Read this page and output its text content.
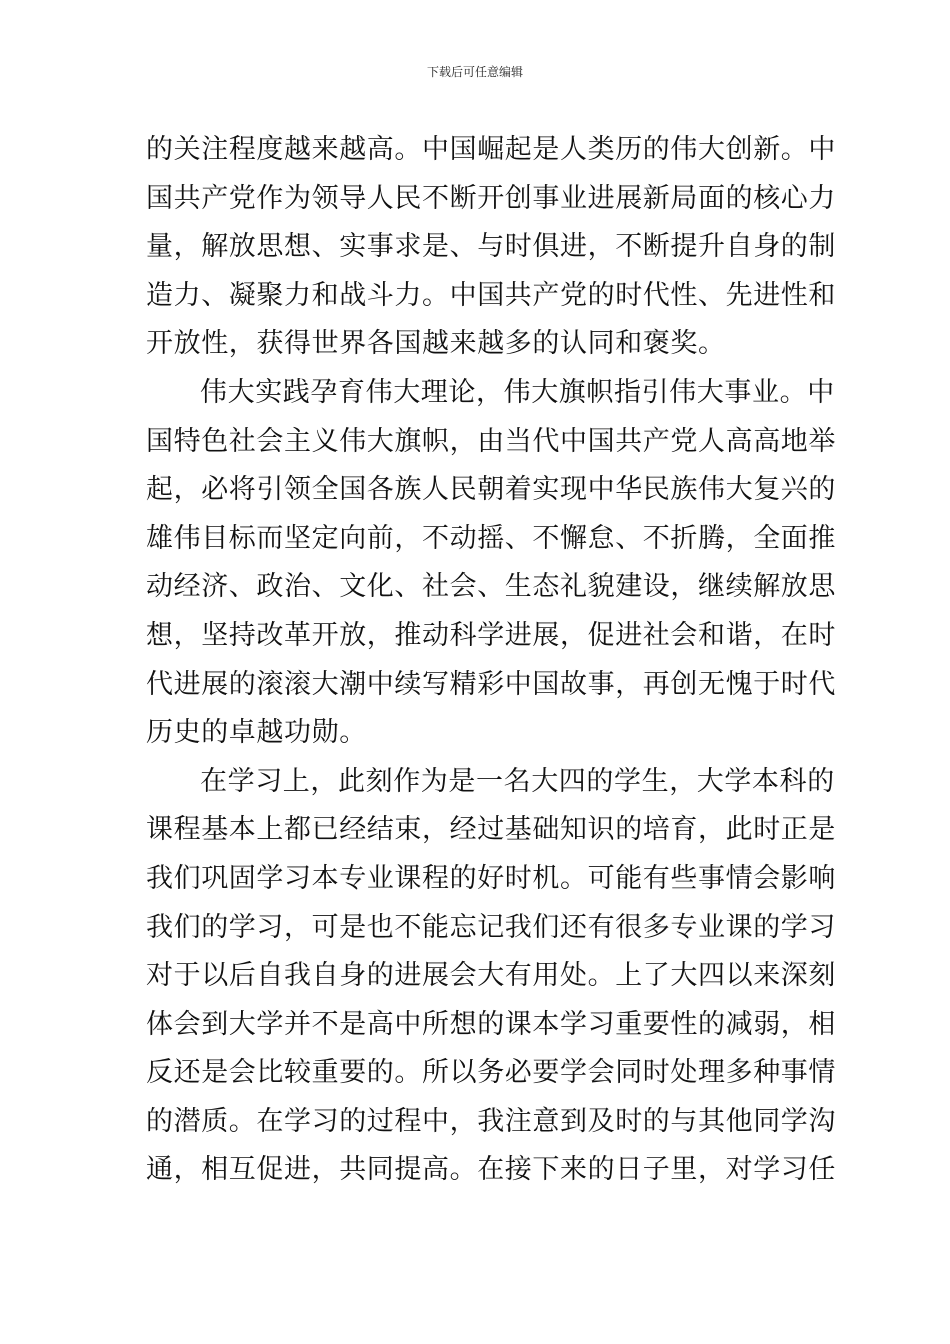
下载后可任意编辑
的关注程度越来越高。中国崛起是人类历的伟大创新。中
国共产党作为领导人民不断开创事业进展新局面的核心力
量，解放思想、实事求是、与时俱进，不断提升自身的制
造力、凝聚力和战斗力。中国共产党的时代性、先进性和
开放性，获得世界各国越来越多的认同和褒奖。
伟大实践孕育伟大理论，伟大旗帜指引伟大事业。中
国特色社会主义伟大旗帜，由当代中国共产党人高高地举
起，必将引领全国各族人民朝着实现中华民族伟大复兴的
雄伟目标而坚定向前，不动摇、不懈怠、不折腾，全面推
动经济、政治、文化、社会、生态礼貌建设，继续解放思
想，坚持改革开放，推动科学进展，促进社会和谐，在时
代进展的滚滚大潮中续写精彩中国故事，再创无愧于时代
历史的卓越功勋。
在学习上，此刻作为是一名大四的学生，大学本科的
课程基本上都已经结束，经过基础知识的培育，此时正是
我们巩固学习本专业课程的好时机。可能有些事情会影响
我们的学习，可是也不能忘记我们还有很多专业课的学习
对于以后自我自身的进展会大有用处。上了大四以来深刻
体会到大学并不是高中所想的课本学习重要性的减弱，相
反还是会比较重要的。所以务必要学会同时处理多种事情
的潜质。在学习的过程中，我注意到及时的与其他同学沟
通，相互促进，共同提高。在接下来的日子里，对学习任
